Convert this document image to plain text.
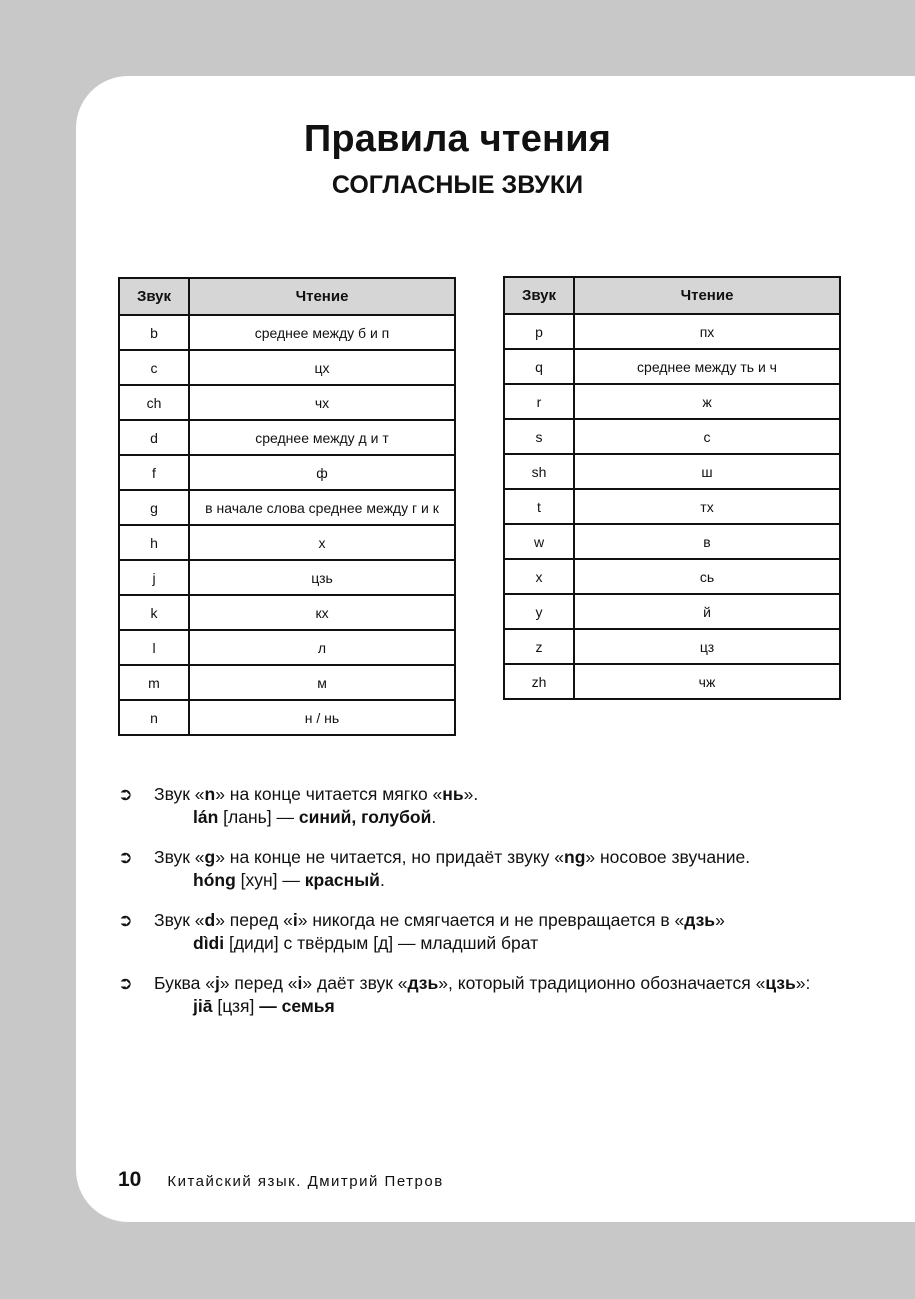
Правила чтения
СОГЛАСНЫЕ ЗВУКИ
Звук	Чтение
b	среднее между б и п
c	цх
ch	чх
d	среднее между д и т
f	ф
g	в начале слова среднее между г и к
h	х
j	цзь
k	кх
l	л
m	м
n	н / нь
Звук	Чтение
p	пх
q	среднее между ть и ч
r	ж
s	с
sh	ш
t	тх
w	в
x	сь
y	й
z	цз
zh	чж
➲	Звук «n» на конце читается мягко «нь».
lán [лань] — синий, голубой.
➲	Звук «g» на конце не читается, но придаёт звуку «ng» носовое звучание.
hóng [хун] — красный.
➲	Звук «d» перед «i» никогда не смягчается и не превращается в «дзь»
dìdi [диди] с твёрдым [д] — младший брат
➲ Буква «j» перед «i» даёт звук «дзь», который традиционно обозначается «цзь»:
jiā [цзя] — семья
10 Китайский язык. Дмитрий Петров
